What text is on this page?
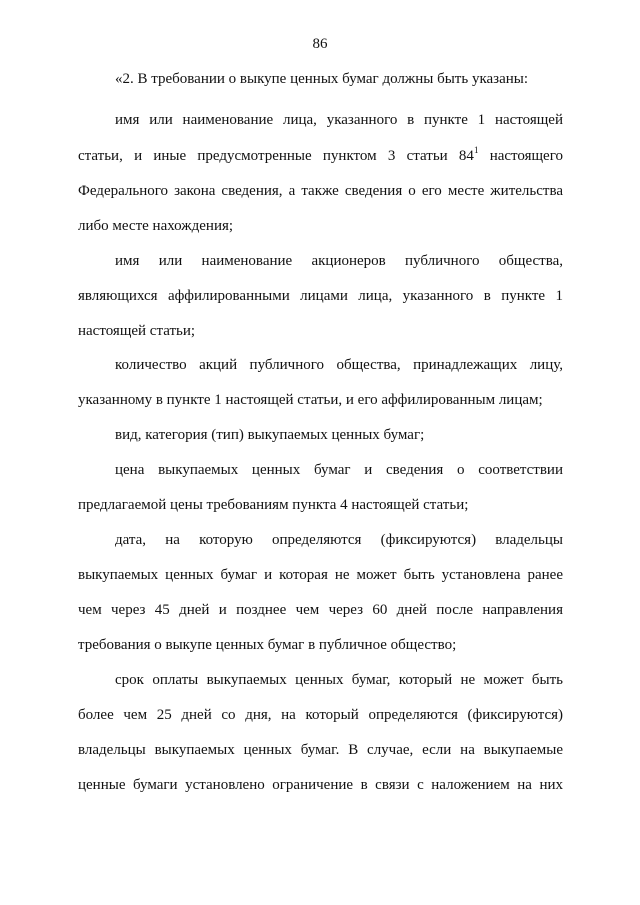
86
«2. В требовании о выкупе ценных бумаг должны быть указаны:
имя или наименование лица, указанного в пункте 1 настоящей
статьи, и иные предусмотренные пунктом 3 статьи $84^1$ настоящего
Федерального закона сведения, а также сведения о его месте жительства
либо месте нахождения;
имя или наименование акционеров публичного общества,
являющихся аффилированными лицами лица, указанного в пункте 1
настоящей статьи;
количество акций публичного общества, принадлежащих лицу,
указанному в пункте 1 настоящей статьи, и его аффилированным лицам;
вид, категория (тип) выкупаемых ценных бумаг;
цена выкупаемых ценных бумаг и сведения о соответствии
предлагаемой цены требованиям пункта 4 настоящей статьи;
дата, на которую определяются (фиксируются) владельцы
выкупаемых ценных бумаг и которая не может быть установлена ранее
чем через 45 дней и позднее чем через 60 дней после направления
требования о выкупе ценных бумаг в публичное общество;
срок оплаты выкупаемых ценных бумаг, который не может быть
более чем 25 дней со дня, на который определяются (фиксируются)
владельцы выкупаемых ценных бумаг. В случае, если на выкупаемые
ценные бумаги установлено ограничение в связи с наложением на них
